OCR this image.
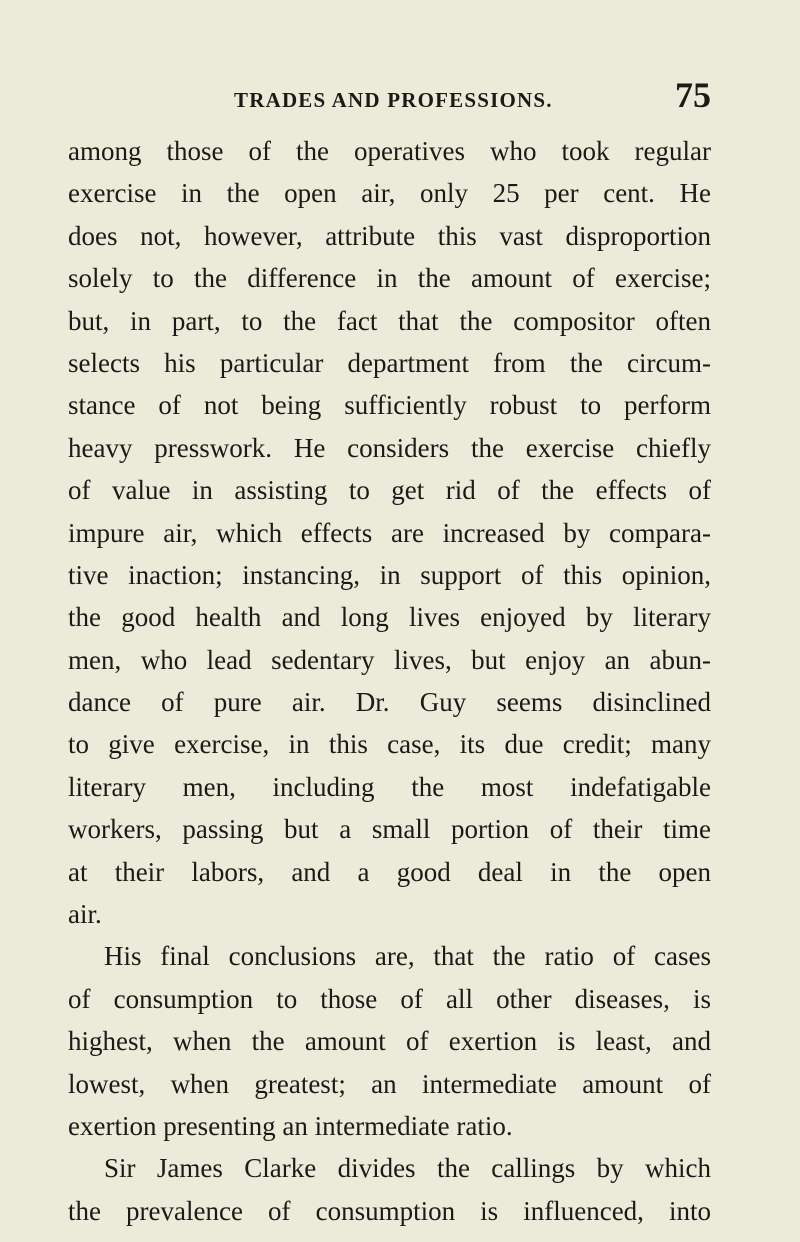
TRADES AND PROFESSIONS.	75
among those of the operatives who took regular
exercise in the open air, only 25 per cent. He
does not, however, attribute this vast disproportion
solely to the difference in the amount of exercise;
but, in part, to the fact that the compositor often
selects his particular department from the circum-
stance of not being sufficiently robust to perform
heavy presswork. He considers the exercise chiefly
of value in assisting to get rid of the effects of
impure air, which effects are increased by compara-
tive inaction; instancing, in support of this opinion,
the good health and long lives enjoyed by literary
men, who lead sedentary lives, but enjoy an abun-
dance of pure air. Dr. Guy seems disinclined
to give exercise, in this case, its due credit; many
literary men, including the most indefatigable
workers, passing but a small portion of their time
at their labors, and a good deal in the open
air.
His final conclusions are, that the ratio of cases
of consumption to those of all other diseases, is
highest, when the amount of exertion is least, and
lowest, when greatest; an intermediate amount of
exertion presenting an intermediate ratio.
Sir James Clarke divides the callings by which
the prevalence of consumption is influenced, into
